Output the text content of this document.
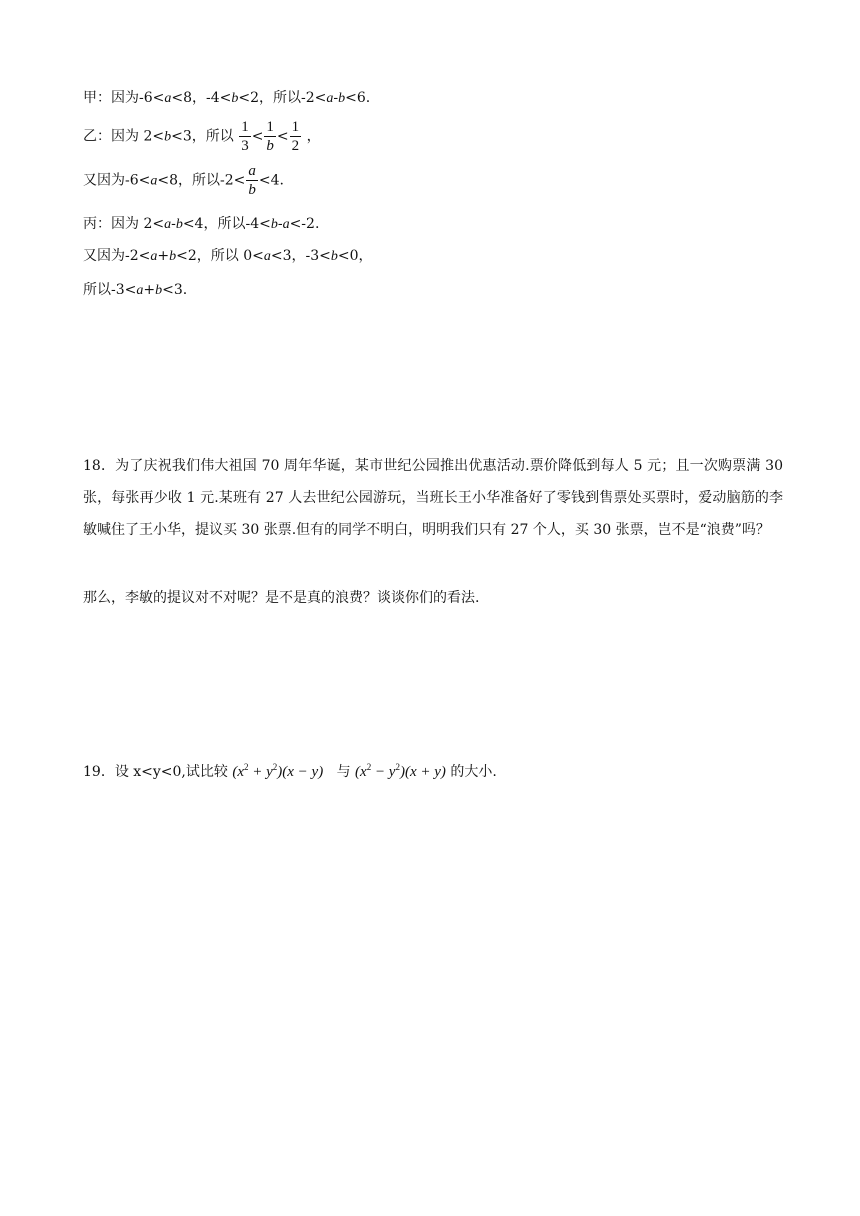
甲：因为-6<a<8，-4<b<2，所以-2<a-b<6.
乙：因为 2<b<3，所以 $\frac{1}{3} < \frac{1}{b} < \frac{1}{2}$ ，
又因为-6<a<8，所以$-2< \frac{a}{b} <4$.
丙：因为 2<a-b<4，所以-4<b-a<-2.
又因为-2<a+b<2，所以 0<a<3，-3<b<0，
所以-3<a+b<3.
18．为了庆祝我们伟大祖国 70 周年华诞，某市世纪公园推出优惠活动.票价降低到每人 5 元；且一次购票满 30 张，每张再少收 1 元.某班有 27 人去世纪公园游玩，当班长王小华准备好了零钱到售票处买票时，爱动脑筋的李敏喊住了王小华，提议买 30 张票.但有的同学不明白，明明我们只有 27 个人，买 30 张票，岂不是“浪费”吗？
那么，李敏的提议对不对呢？是不是真的浪费？谈谈你们的看法.
19．设 x<y<0,试比较 $(x^2 + y^2)(x - y)$ 与 $(x^2 - y^2)(x + y)$ 的大小.
